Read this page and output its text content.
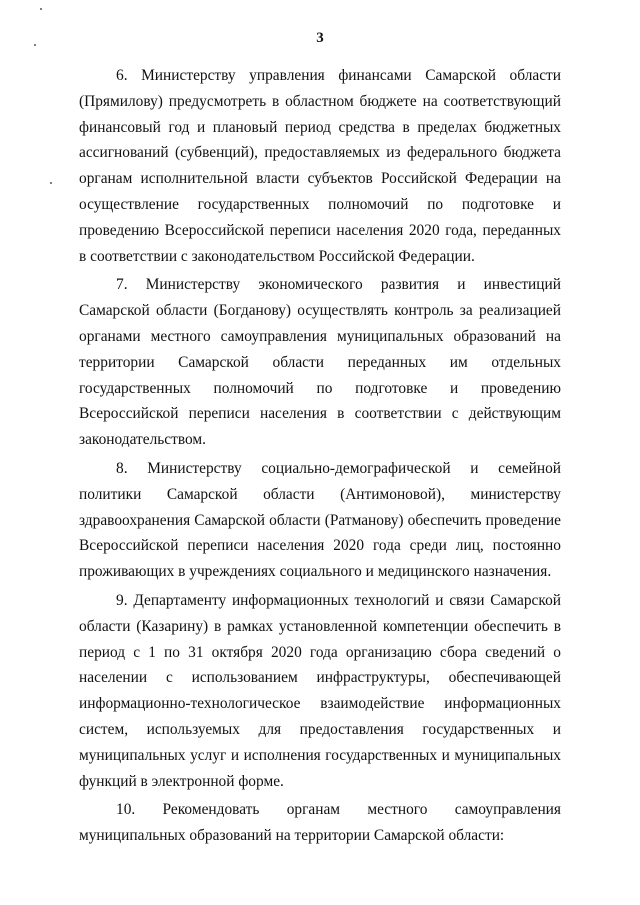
3

6. Министерству управления финансами Самарской области (Прямилову) предусмотреть в областном бюджете на соответствующий финансовый год и плановый период средства в пределах бюджетных ассигнований (субвенций), предоставляемых из федерального бюджета органам исполнительной власти субъектов Российской Федерации на осуществление государственных полномочий по подготовке и проведению Всероссийской переписи населения 2020 года, переданных в соответствии с законодательством Российской Федерации.

7. Министерству экономического развития и инвестиций Самарской области (Богданову) осуществлять контроль за реализацией органами местного самоуправления муниципальных образований на территории Самарской области переданных им отдельных государственных полномочий по подготовке и проведению Всероссийской переписи населения в соответствии с действующим законодательством.

8. Министерству социально-демографической и семейной политики Самарской области (Антимоновой), министерству здравоохранения Самарской области (Ратманову) обеспечить проведение Всероссийской переписи населения 2020 года среди лиц, постоянно проживающих в учреждениях социального и медицинского назначения.

9. Департаменту информационных технологий и связи Самарской области (Казарину) в рамках установленной компетенции обеспечить в период с 1 по 31 октября 2020 года организацию сбора сведений о населении с использованием инфраструктуры, обеспечивающей информационно-технологическое взаимодействие информационных систем, используемых для предоставления государственных и муниципальных услуг и исполнения государственных и муниципальных функций в электронной форме.

10. Рекомендовать органам местного самоуправления муниципальных образований на территории Самарской области:
